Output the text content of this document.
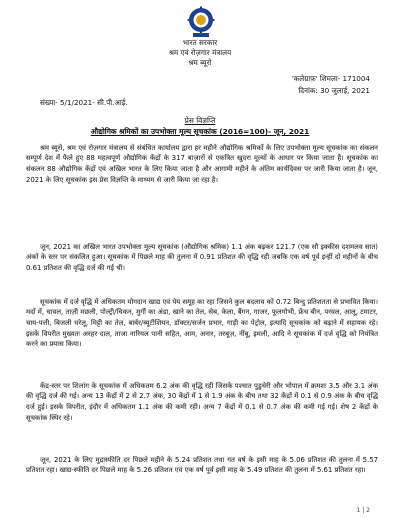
भारत सरकार
श्रम एवं रोज़गार मंत्रालय
श्रम ब्यूरो
'कलेग्राफ़' शिमला- 171004
दिनांक: 30 जुलाई, 2021
संख्या- 5/1/2021- सी.पी.आई.
प्रेस विज्ञप्ति
औद्योगिक श्रमिकों का उपभोक्ता मूल्य सूचकांक (2016=100)- जून, 2021

श्रम ब्यूरो, श्रम एवं रोज़गार मंत्रालय से संबंधित कार्यालय द्वारा हर महीने औद्योगिक श्रमिकों के लिए उपभोक्ता मूल्य सूचकांक का संकलन सम्पूर्ण देश में फैले हुए 88 महत्वपूर्ण औद्योगिक केंद्रों के 317 बाज़ारों से एकत्रित खुदरा मूल्यों के आधार पर किया जाता है। सूचकांक का संकलन 88 औद्योगिक केंद्रों एवं अखिल भारत के लिए किया जाता है और आगामी महीने के अंतिम कार्यदिवस पर जारी किया जाता है। जून, 2021 के लिए सूचकांक इस प्रेस विज्ञप्ति के माध्यम से जारी किया जा रहा है।

जून, 2021 का अखिल भारत उपभोक्ता मूल्य सूचकांक (औद्योगिक श्रमिक) 1.1 अंक बढ़कर 121.7 (एक सौ इक्कीस दशमलव सात) अंकों के स्तर पर संकलित हुआ। सूचकांक में पिछले माह की तुलना में 0.91 प्रतिशत की वृद्धि रही जबकि एक वर्ष पूर्व इन्हीं दो महीनों के बीच 0.61 प्रतिशत की वृद्धि दर्ज की गई थी।

सूचकांक में दर्ज वृद्धि में अधिकतम योगदान खाद्य एवं पेय समूह का रहा जिसने कुल बदलाव को 0.72 बिन्दु प्रतिशतता से प्रभावित किया। मदों में, चावल, ताज़ी मछली, पोल्ट्री/चिकन, मुर्गी का अंडा, खाने का तेल, सेब, केला, बैंगन, गाजर, फूलगोभी, फ्रेंच बीन, परवल, आलू, टमाटर, चाय-पत्ती, बिजली घरेलू, मिट्टी का तेल, बार्बर/ब्यूटीशियन, डॉक्टर/सर्जन प्रभार, गाड़ी का पेट्रोल, इत्यादि सूचकांक को बढ़ाने में सहायक रहे। इसके विपरीत मुख्यतः अरहर दाल, ताजा नारियल पानी सहित, आम, अनार, तरबूज़, नींबू, इमली, आदि ने सूचकांक में दर्ज वृद्धि को नियंत्रित करने का प्रयास किया।

केंद्र-स्तर पर शिलांग के सूचकांक में अधिकतम 6.2 अंक की वृद्धि रही जिसके पश्चात पुडुचेरी और भोपाल में क्रमशः 3.5 और 3.1 अंक की वृद्धि दर्ज की गई। अन्य 13 केंद्रों में 2 से 2.7 अंक, 30 केंद्रों में 1 से 1.9 अंक के बीच तथा 32 केंद्रों में 0.1 से 0.9 अंक के बीच वृद्धि दर्ज हुई। इसके विपरीत, इंदौर में अधिकतम 1.1 अंक की कमी रही। अन्य 7 केंद्रों में 0.1 से 0.7 अंक की कमी गई गई। शेष 2 केंद्रों के सूचकांक स्थिर रहे।

जून, 2021 के लिए मुद्रास्फीति दर पिछले महीने के 5.24 प्रतिशत तथा गत वर्ष के इसी माह के 5.06 प्रतिशत की तुलना में 5.57 प्रतिशत रहा। खाद्य-स्फीति दर पिछले माह के 5.26 प्रतिशत एवं एक वर्ष पूर्व इसी माह के 5.49 प्रतिशत की तुलना में 5.61 प्रतिशत रहा।

1 | 2
